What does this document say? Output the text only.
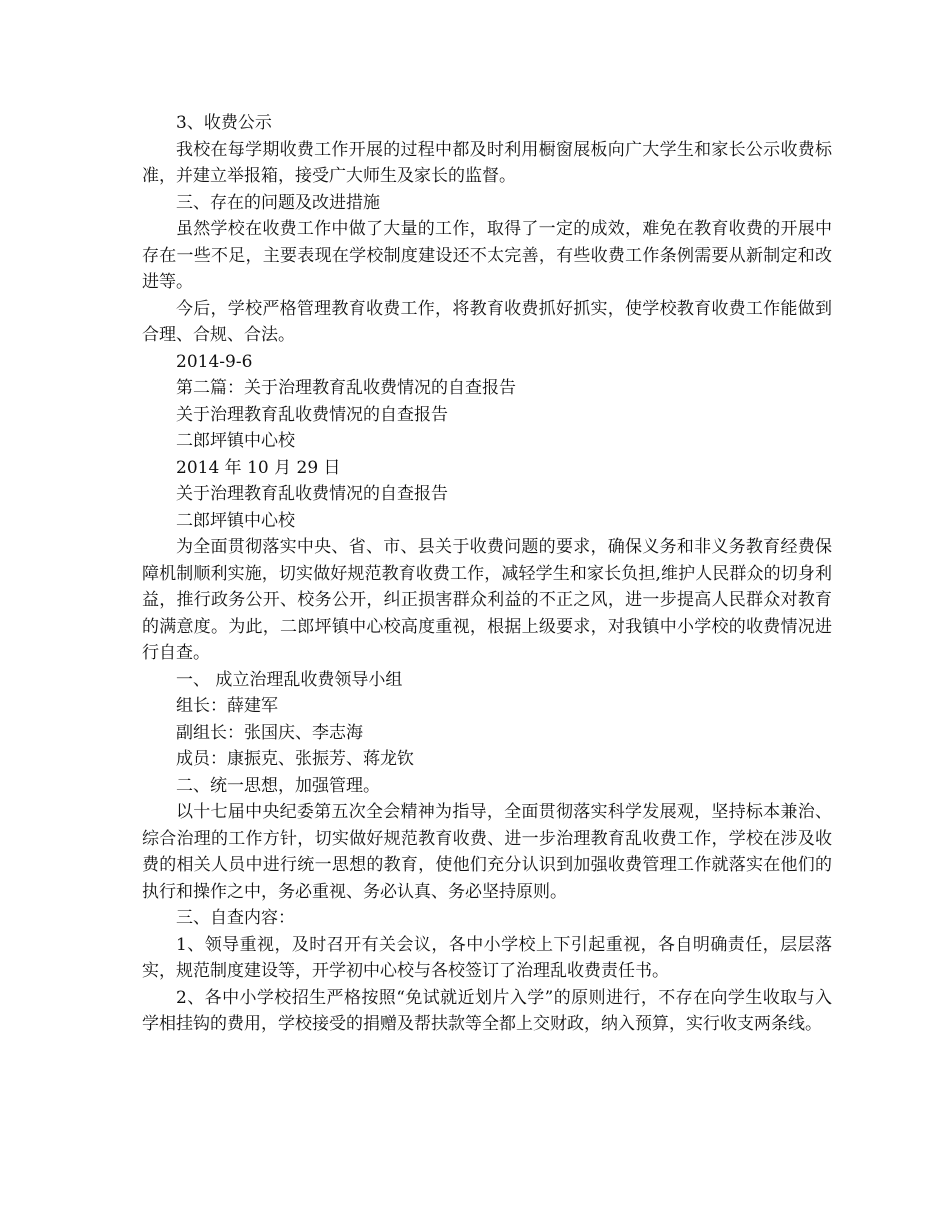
3、收费公示

我校在每学期收费工作开展的过程中都及时利用橱窗展板向广大学生和家长公示收费标准，并建立举报箱，接受广大师生及家长的监督。

三、存在的问题及改进措施

虽然学校在收费工作中做了大量的工作，取得了一定的成效，难免在教育收费的开展中存在一些不足，主要表现在学校制度建设还不太完善，有些收费工作条例需要从新制定和改进等。

今后，学校严格管理教育收费工作，将教育收费抓好抓实，使学校教育收费工作能做到合理、合规、合法。

2014-9-6

第二篇：关于治理教育乱收费情况的自查报告

关于治理教育乱收费情况的自查报告

二郎坪镇中心校

2014 年 10 月 29 日

关于治理教育乱收费情况的自查报告

二郎坪镇中心校

为全面贯彻落实中央、省、市、县关于收费问题的要求，确保义务和非义务教育经费保障机制顺利实施，切实做好规范教育收费工作，减轻学生和家长负担,维护人民群众的切身利益，推行政务公开、校务公开，纠正损害群众利益的不正之风，进一步提高人民群众对教育的满意度。为此，二郎坪镇中心校高度重视，根据上级要求，对我镇中小学校的收费情况进行自查。

一、 成立治理乱收费领导小组

组长：薛建军

副组长：张国庆、李志海

成员：康振克、张振芳、蒋龙钦

二、统一思想，加强管理。

以十七届中央纪委第五次全会精神为指导，全面贯彻落实科学发展观，坚持标本兼治、综合治理的工作方针，切实做好规范教育收费、进一步治理教育乱收费工作，学校在涉及收费的相关人员中进行统一思想的教育，使他们充分认识到加强收费管理工作就落实在他们的执行和操作之中，务必重视、务必认真、务必坚持原则。

三、自查内容：

1、领导重视，及时召开有关会议，各中小学校上下引起重视，各自明确责任，层层落实，规范制度建设等，开学初中心校与各校签订了治理乱收费责任书。

2、各中小学校招生严格按照“免试就近划片入学”的原则进行，不存在向学生收取与入学相挂钩的费用，学校接受的捐赠及帮扶款等全都上交财政，纳入预算，实行收支两条线。
